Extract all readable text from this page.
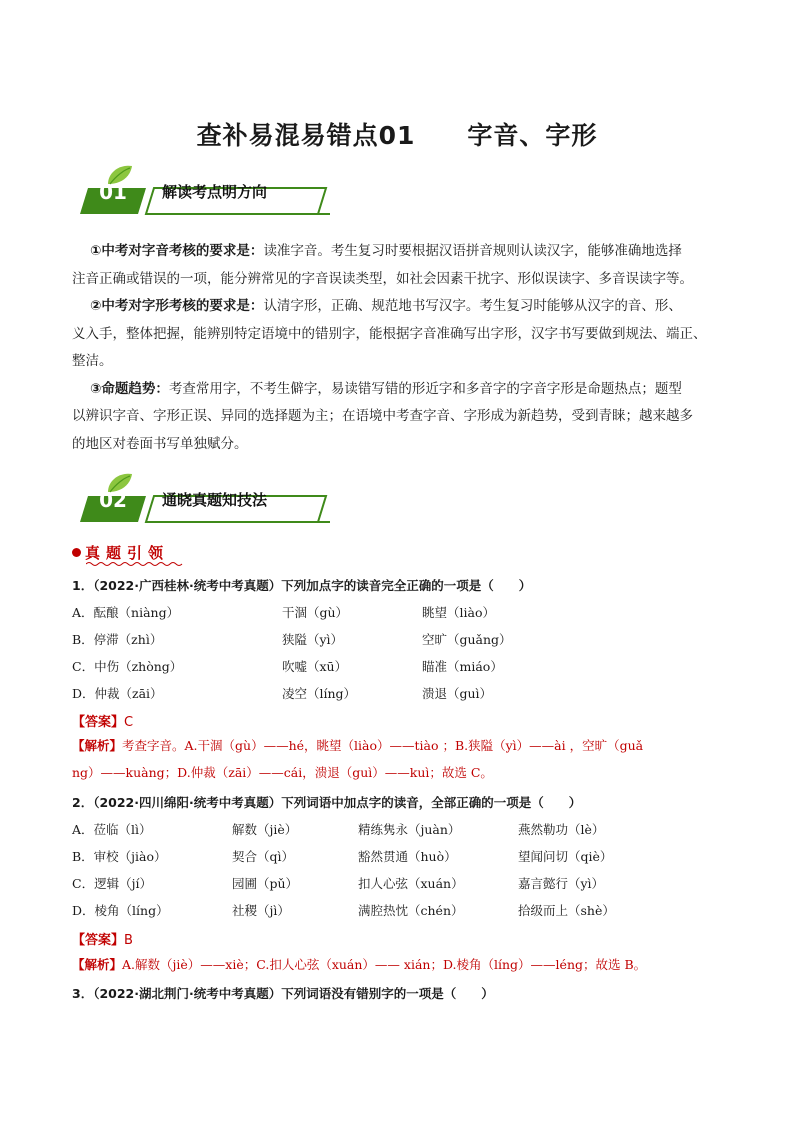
查补易混易错点01 字音、字形
01	解读考点明方向
①中考对字音考核的要求是：读准字音。考生复习时要根据汉语拼音规则认读汉字，能够准确地选择
注音正确或错误的一项，能分辨常见的字音误读类型，如社会因素干扰字、形似误读字、多音误读字等。
②中考对字形考核的要求是：认清字形，正确、规范地书写汉字。考生复习时能够从汉字的音、形、
义入手，整体把握，能辨别特定语境中的错别字，能根据字音准确写出字形，汉字书写要做到规法、端正、
整洁。
③命题趋势：考查常用字，不考生僻字，易读错写错的形近字和多音字的字音字形是命题热点；题型
以辨识字音、字形正误、异同的选择题为主；在语境中考查字音、字形成为新趋势，受到青睐；越来越多
的地区对卷面书写单独赋分。
02	通晓真题知技法
真题引领
1．（2022·广西桂林·统考中考真题）下列加点字的读音完全正确的一项是（　　）
A．酝酿（niàng）	干涸（gù）	眺望（liào）
B．停滞（zhì）	狭隘（yì）	空旷（guǎng）
C．中伤（zhòng）	吹嘘（xū）	瞄准（miáo）
D．仲裁（zāi）	凌空（líng）	溃退（guì）
【答案】C
【解析】考查字音。A.干涸（gù）——hé，眺望（liào）——tiào ；B.狭隘（yì）——ài ，空旷（guǎ
ng）——kuàng；D.仲裁（zāi）——cái，溃退（guì）——kuì；故选 C。
2．（2022·四川绵阳·统考中考真题）下列词语中加点字的读音，全部正确的一项是（　　）
A．莅临（lì）	解数（jiè）	精练隽永（juàn）	燕然勒功（lè）
B．审校（jiào）	契合（qì）	豁然贯通（huò）	望闻问切（qiè）
C．逻辑（jí）	园圃（pǔ）	扣人心弦（xuán）	嘉言懿行（yì）
D．棱角（líng）	社稷（jì）	满腔热忱（chén）	拾级而上（shè）
【答案】B
【解析】A.解数（jiè）——xiè；C.扣人心弦（xuán）—— xián；D.棱角（líng）——léng；故选 B。
3．（2022·湖北荆门·统考中考真题）下列词语没有错别字的一项是（　　）
